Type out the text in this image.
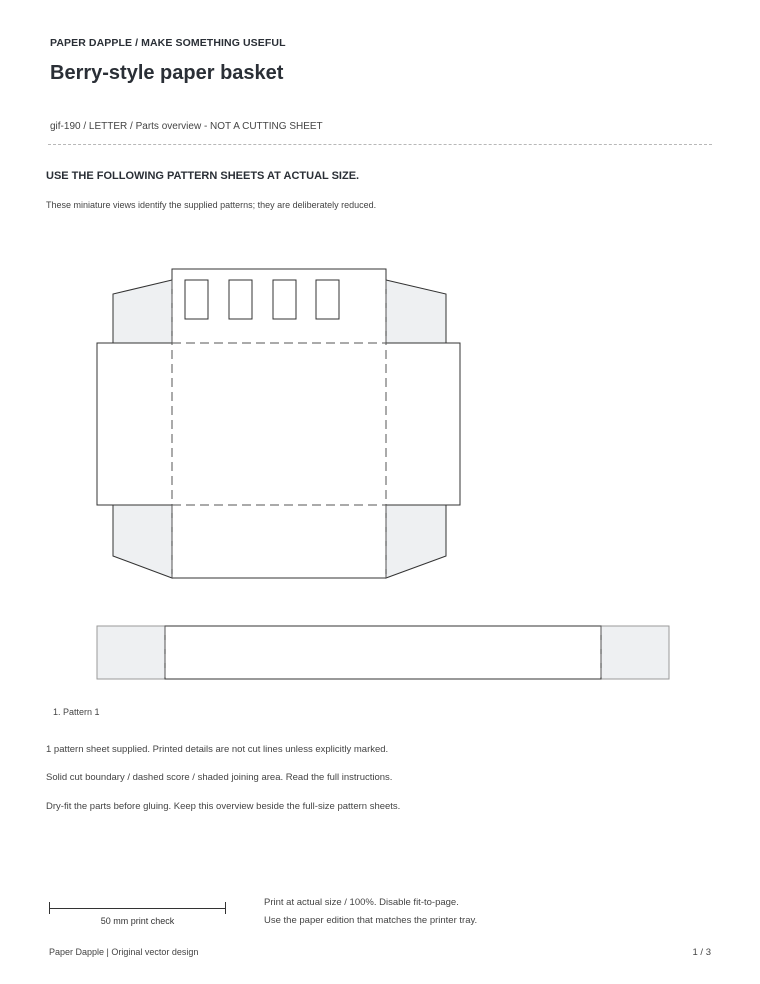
PAPER DAPPLE / MAKE SOMETHING USEFUL
Berry-style paper basket
gif-190 / LETTER / Parts overview - NOT A CUTTING SHEET
USE THE FOLLOWING PATTERN SHEETS AT ACTUAL SIZE.
These miniature views identify the supplied patterns; they are deliberately reduced.
1. Pattern 1
1 pattern sheet supplied. Printed details are not cut lines unless explicitly marked.
Solid cut boundary / dashed score / shaded joining area. Read the full instructions.
Dry-fit the parts before gluing. Keep this overview beside the full-size pattern sheets.
50 mm print check
Print at actual size / 100%. Disable fit-to-page.
Use the paper edition that matches the printer tray.
Paper Dapple | Original vector design	1 / 3
